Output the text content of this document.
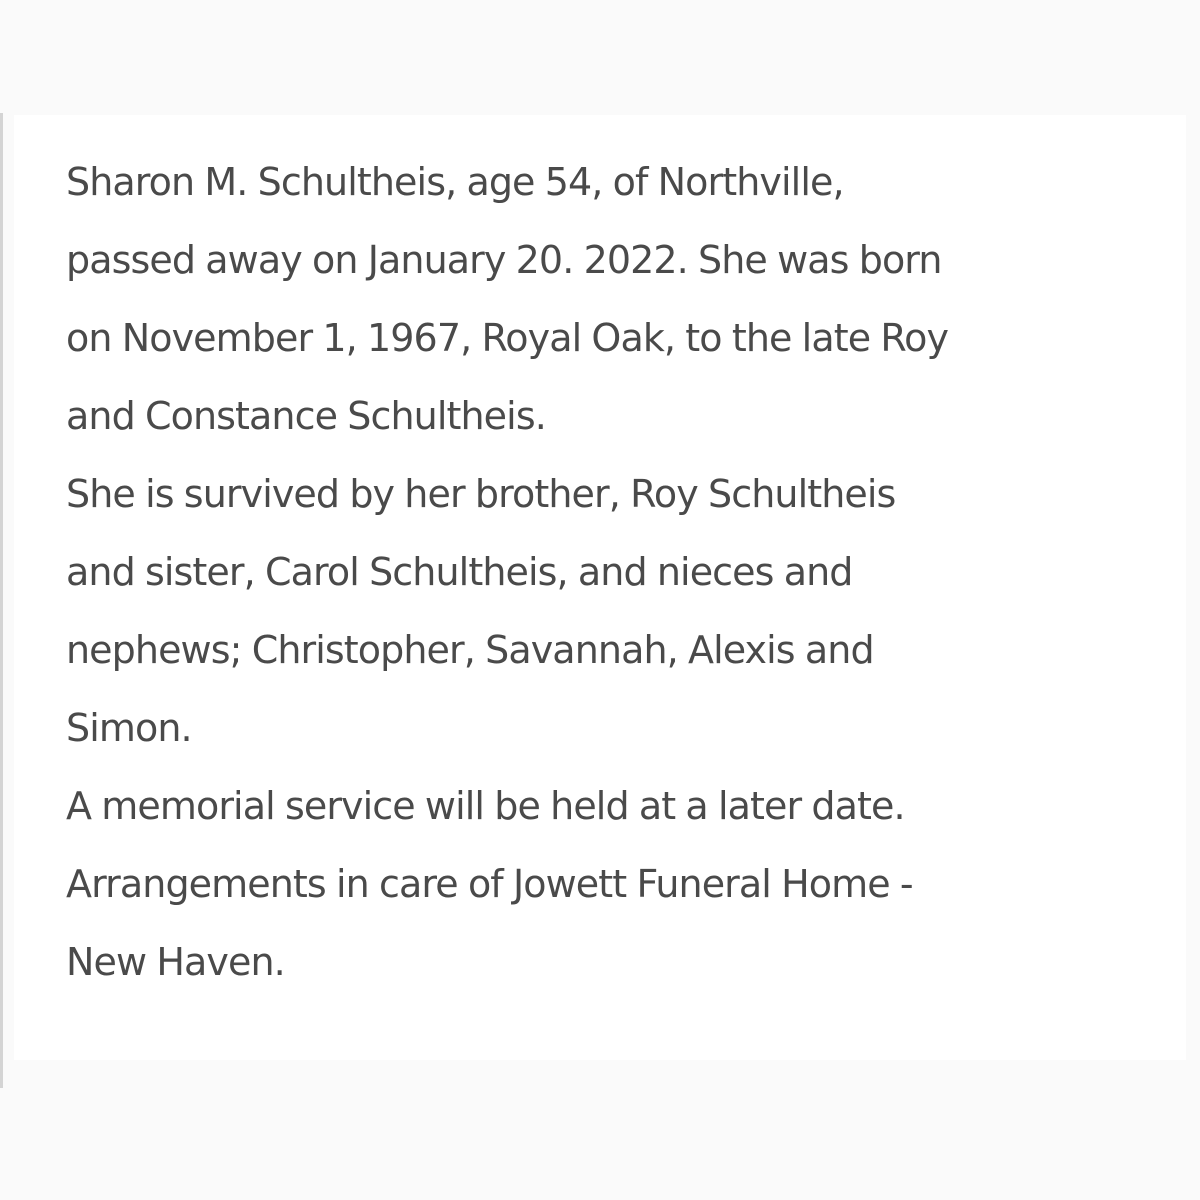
Sharon M. Schultheis, age 54, of Northville,
passed away on January 20. 2022. She was born
on November 1, 1967, Royal Oak, to the late Roy
and Constance Schultheis.
She is survived by her brother, Roy Schultheis
and sister, Carol Schultheis, and nieces and
nephews; Christopher, Savannah, Alexis and
Simon.
A memorial service will be held at a later date.
Arrangements in care of Jowett Funeral Home -
New Haven.
